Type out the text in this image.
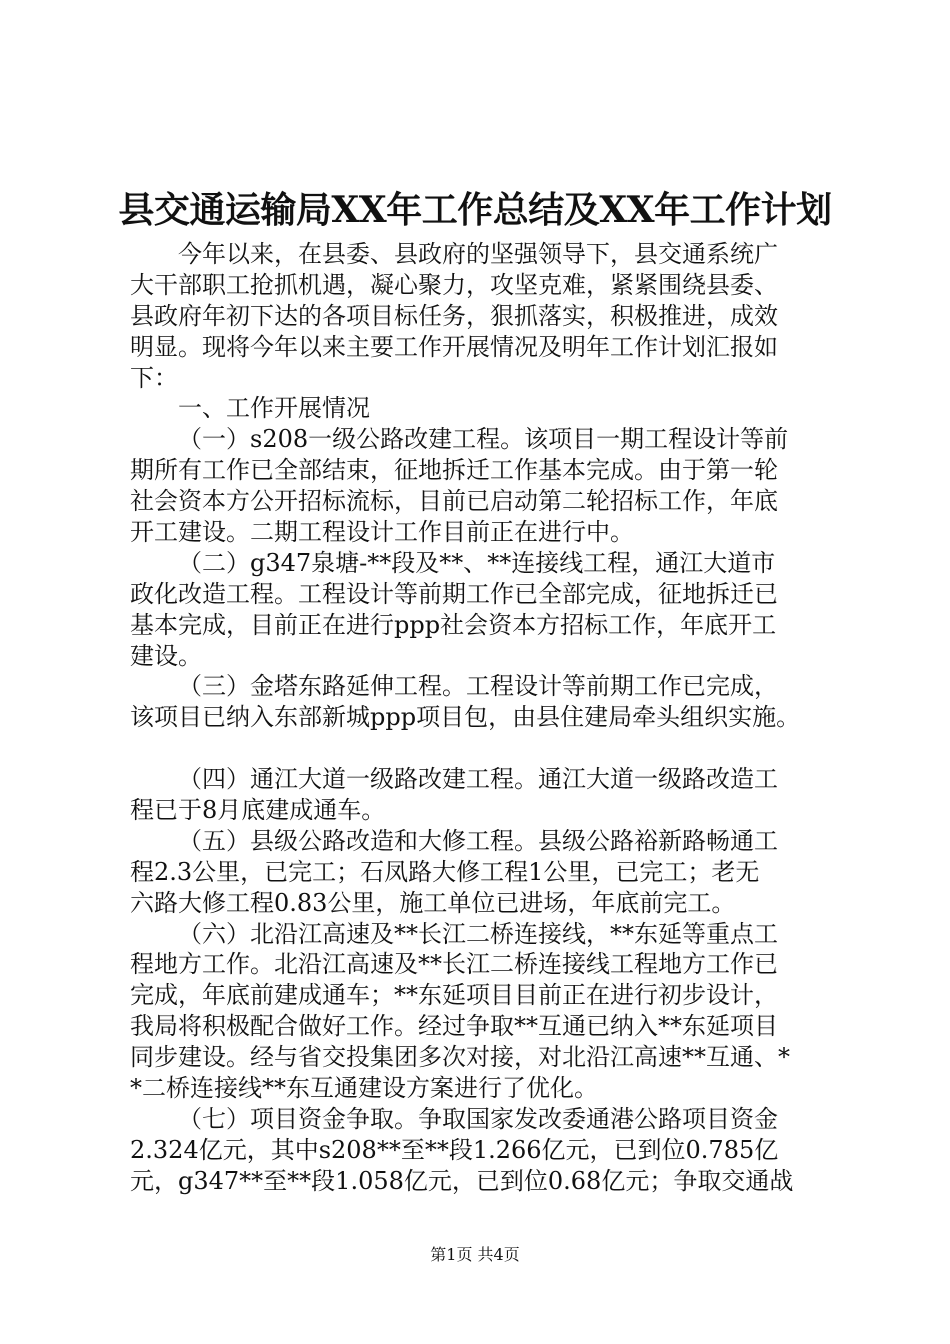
县交通运输局XX年工作总结及XX年工作计划
今年以来，在县委、县政府的坚强领导下，县交通系统广
大干部职工抢抓机遇，凝心聚力，攻坚克难，紧紧围绕县委、
县政府年初下达的各项目标任务，狠抓落实，积极推进，成效
明显。现将今年以来主要工作开展情况及明年工作计划汇报如
下：
一、工作开展情况
（一）s208一级公路改建工程。该项目一期工程设计等前
期所有工作已全部结束，征地拆迁工作基本完成。由于第一轮
社会资本方公开招标流标，目前已启动第二轮招标工作，年底
开工建设。二期工程设计工作目前正在进行中。
（二）g347泉塘-**段及**、**连接线工程，通江大道市
政化改造工程。工程设计等前期工作已全部完成，征地拆迁已
基本完成，目前正在进行ppp社会资本方招标工作，年底开工
建设。
（三）金塔东路延伸工程。工程设计等前期工作已完成，
该项目已纳入东部新城ppp项目包，由县住建局牵头组织实施。
（四）通江大道一级路改建工程。通江大道一级路改造工
程已于8月底建成通车。
（五）县级公路改造和大修工程。县级公路裕新路畅通工
程2.3公里，已完工；石凤路大修工程1公里，已完工；老无
六路大修工程0.83公里，施工单位已进场，年底前完工。
（六）北沿江高速及**长江二桥连接线，**东延等重点工
程地方工作。北沿江高速及**长江二桥连接线工程地方工作已
完成，年底前建成通车；**东延项目目前正在进行初步设计，
我局将积极配合做好工作。经过争取**互通已纳入**东延项目
同步建设。经与省交投集团多次对接，对北沿江高速**互通、*
*二桥连接线**东互通建设方案进行了优化。
（七）项目资金争取。争取国家发改委通港公路项目资金
2.324亿元，其中s208**至**段1.266亿元，已到位0.785亿
元，g347**至**段1.058亿元，已到位0.68亿元；争取交通战
第1页 共4页
